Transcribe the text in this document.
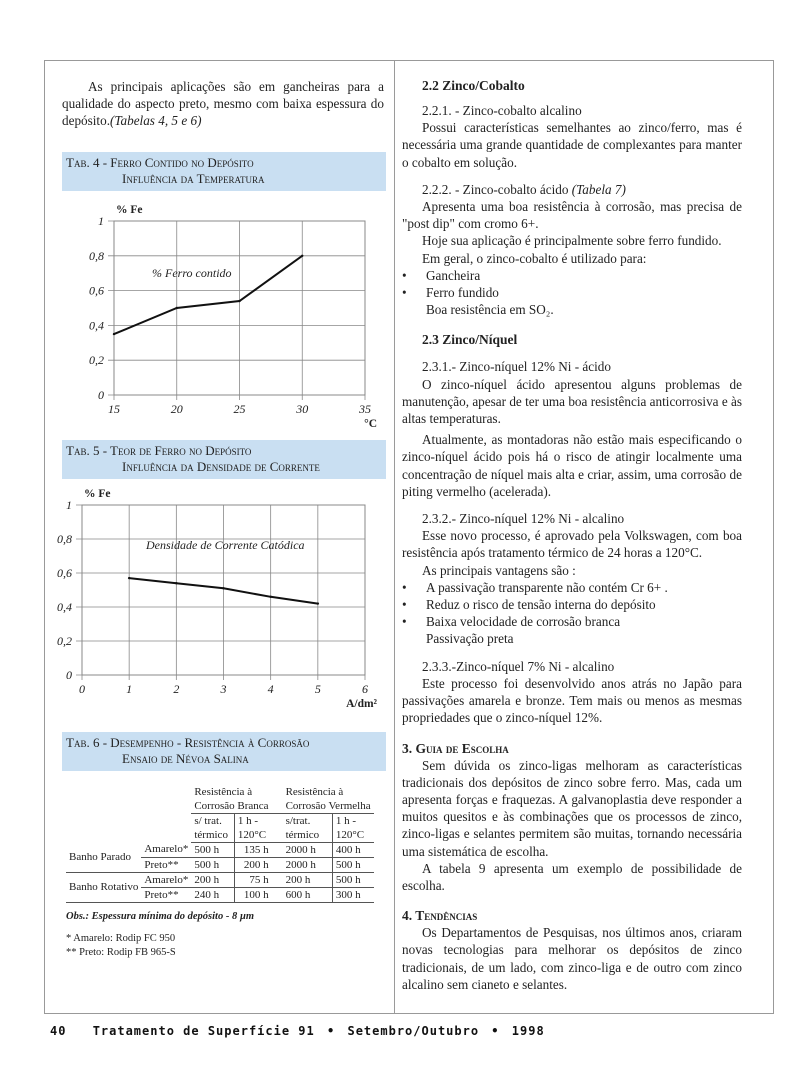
As principais aplicações são em gancheiras para a qualidade do aspecto preto, mesmo com baixa espessura do depósito.(Tabelas 4, 5 e 6)

Tab. 4 - Ferro Contido no Depósito
Influência da Temperatura
0
0,2
0,4
0,6
0,8
1
15	20	25	30	35
% Fe
°C
% Ferro contido
Tab. 5 - Teor de Ferro no Depósito
Influência da Densidade de Corrente
0
0,2
0,4
0,6
0,8
1
0	1	2	3	4	5	6
% Fe
A/dm²
Densidade de Corrente Catódica
Tab. 6 - Desempenho - Resistência à Corrosão
Ensaio de Névoa Salina
		Resistência à		Resistência à	
		Corrosão Branca		Corrosão Vermelha	
		s/ trat.	1 h -	s/trat.	1 h -
		térmico	120°C	térmico	120°C
Banho Parado	Amarelo*	500 h	135 h	2000 h	400 h
	Preto**	500 h	200 h	2000 h	500 h
Banho Rotativo	Amarelo*	200 h	75 h	200 h	500 h
	Preto**	240 h	100 h	600 h	300 h
Obs.: Espessura mínima do depósito - 8 µm
* Amarelo: Rodip FC 950
** Preto: Rodip FB 965-S
2.2 Zinco/Cobalto
2.2.1. - Zinco-cobalto alcalino

Possui características semelhantes ao zinco/ferro, mas é necessária uma grande quantidade de complexantes para manter o cobalto em solução.

2.2.2. - Zinco-cobalto ácido (Tabela 7)

Apresenta uma boa resistência à corrosão, mas precisa de "post dip" com cromo 6+.

Hoje sua aplicação é principalmente sobre ferro fundido.

Em geral, o zinco-cobalto é utilizado para:

• Gancheira
• Ferro fundido
Boa resistência em SO₂.
2.3 Zinco/Níquel
2.3.1.- Zinco-níquel 12% Ni - ácido

O zinco-níquel ácido apresentou alguns problemas de manutenção, apesar de ter uma boa resistência anticorrosiva e às altas temperaturas.

Atualmente, as montadoras não estão mais especificando o zinco-níquel ácido pois há o risco de atingir localmente uma concentração de níquel mais alta e criar, assim, uma corrosão de piting vermelho (acelerada).

2.3.2.- Zinco-níquel 12% Ni - alcalino

Esse novo processo, é aprovado pela Volkswagen, com boa resistência após tratamento térmico de 24 horas a 120°C.

As principais vantagens são :

• A passivação transparente não contém Cr 6+ .
• Reduz o risco de tensão interna do depósito
• Baixa velocidade de corrosão branca
Passivação preta
2.3.3.-Zinco-níquel 7% Ni - alcalino

Este processo foi desenvolvido anos atrás no Japão para passivações amarela e bronze. Tem mais ou menos as mesmas propriedades que o zinco-níquel 12%.

3. Guia de Escolha

Sem dúvida os zinco-ligas melhoram as características tradicionais dos depósitos de zinco sobre ferro. Mas, cada um apresenta forças e fraquezas. A galvanoplastia deve responder a muitos quesitos e às combinações que os processos de zinco, zinco-ligas e selantes permitem são muitas, tornando necessária uma sistemática de escolha.

A tabela 9 apresenta um exemplo de possibilidade de escolha.

4. Tendências

Os Departamentos de Pesquisas, nos últimos anos, criaram novas tecnologias para melhorar os depósitos de zinco tradicionais, de um lado, com zinco-liga e de outro com zinco alcalino sem cianeto e selantes.

40 Tratamento de Superfície 91 • Setembro/Outubro • 1998
